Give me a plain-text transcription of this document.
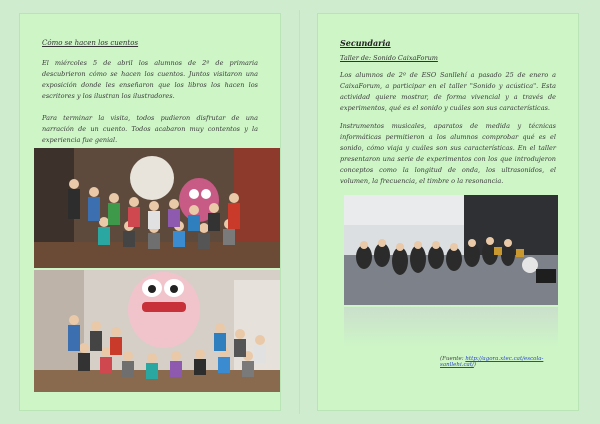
Cómo se hacen los cuentos

El miércoles 5 de abril los alumnos de 2º de primaria descubrieron cómo se hacen los cuentos. Juntos visitaron una exposición donde les enseñaron que los libros los hacen los escritores y los ilustran los ilustradores.

Para terminar la visita, todos pudieron disfrutar de una narración de un cuento. Todos acabaron muy contentos y la experiencia fue genial.

Secundaria
Taller de: Sonido CaixaForum

Los alumnos de 2º de ESO Sanllehí a pasado 25 de enero a CaixaForum, a participar en el taller "Sonido y acústica". Esta actividad quiere mostrar, de forma vivencial y a través de experimentos, qué es el sonido y cuáles son sus características.

Instrumentos musicales, aparatos de medida y técnicas informáticas permitieron a los alumnos comprobar qué es el sonido, cómo viaja y cuáles son sus características. En el taller presentaron una serie de experimentos con los que introdujeron conceptos como la longitud de onda, los ultrasonidos, el volumen, la frecuencia, el timbre o la resonancia.

(Fuente: http://agora.xtec.cat/escola-sanllehi.cat/)
